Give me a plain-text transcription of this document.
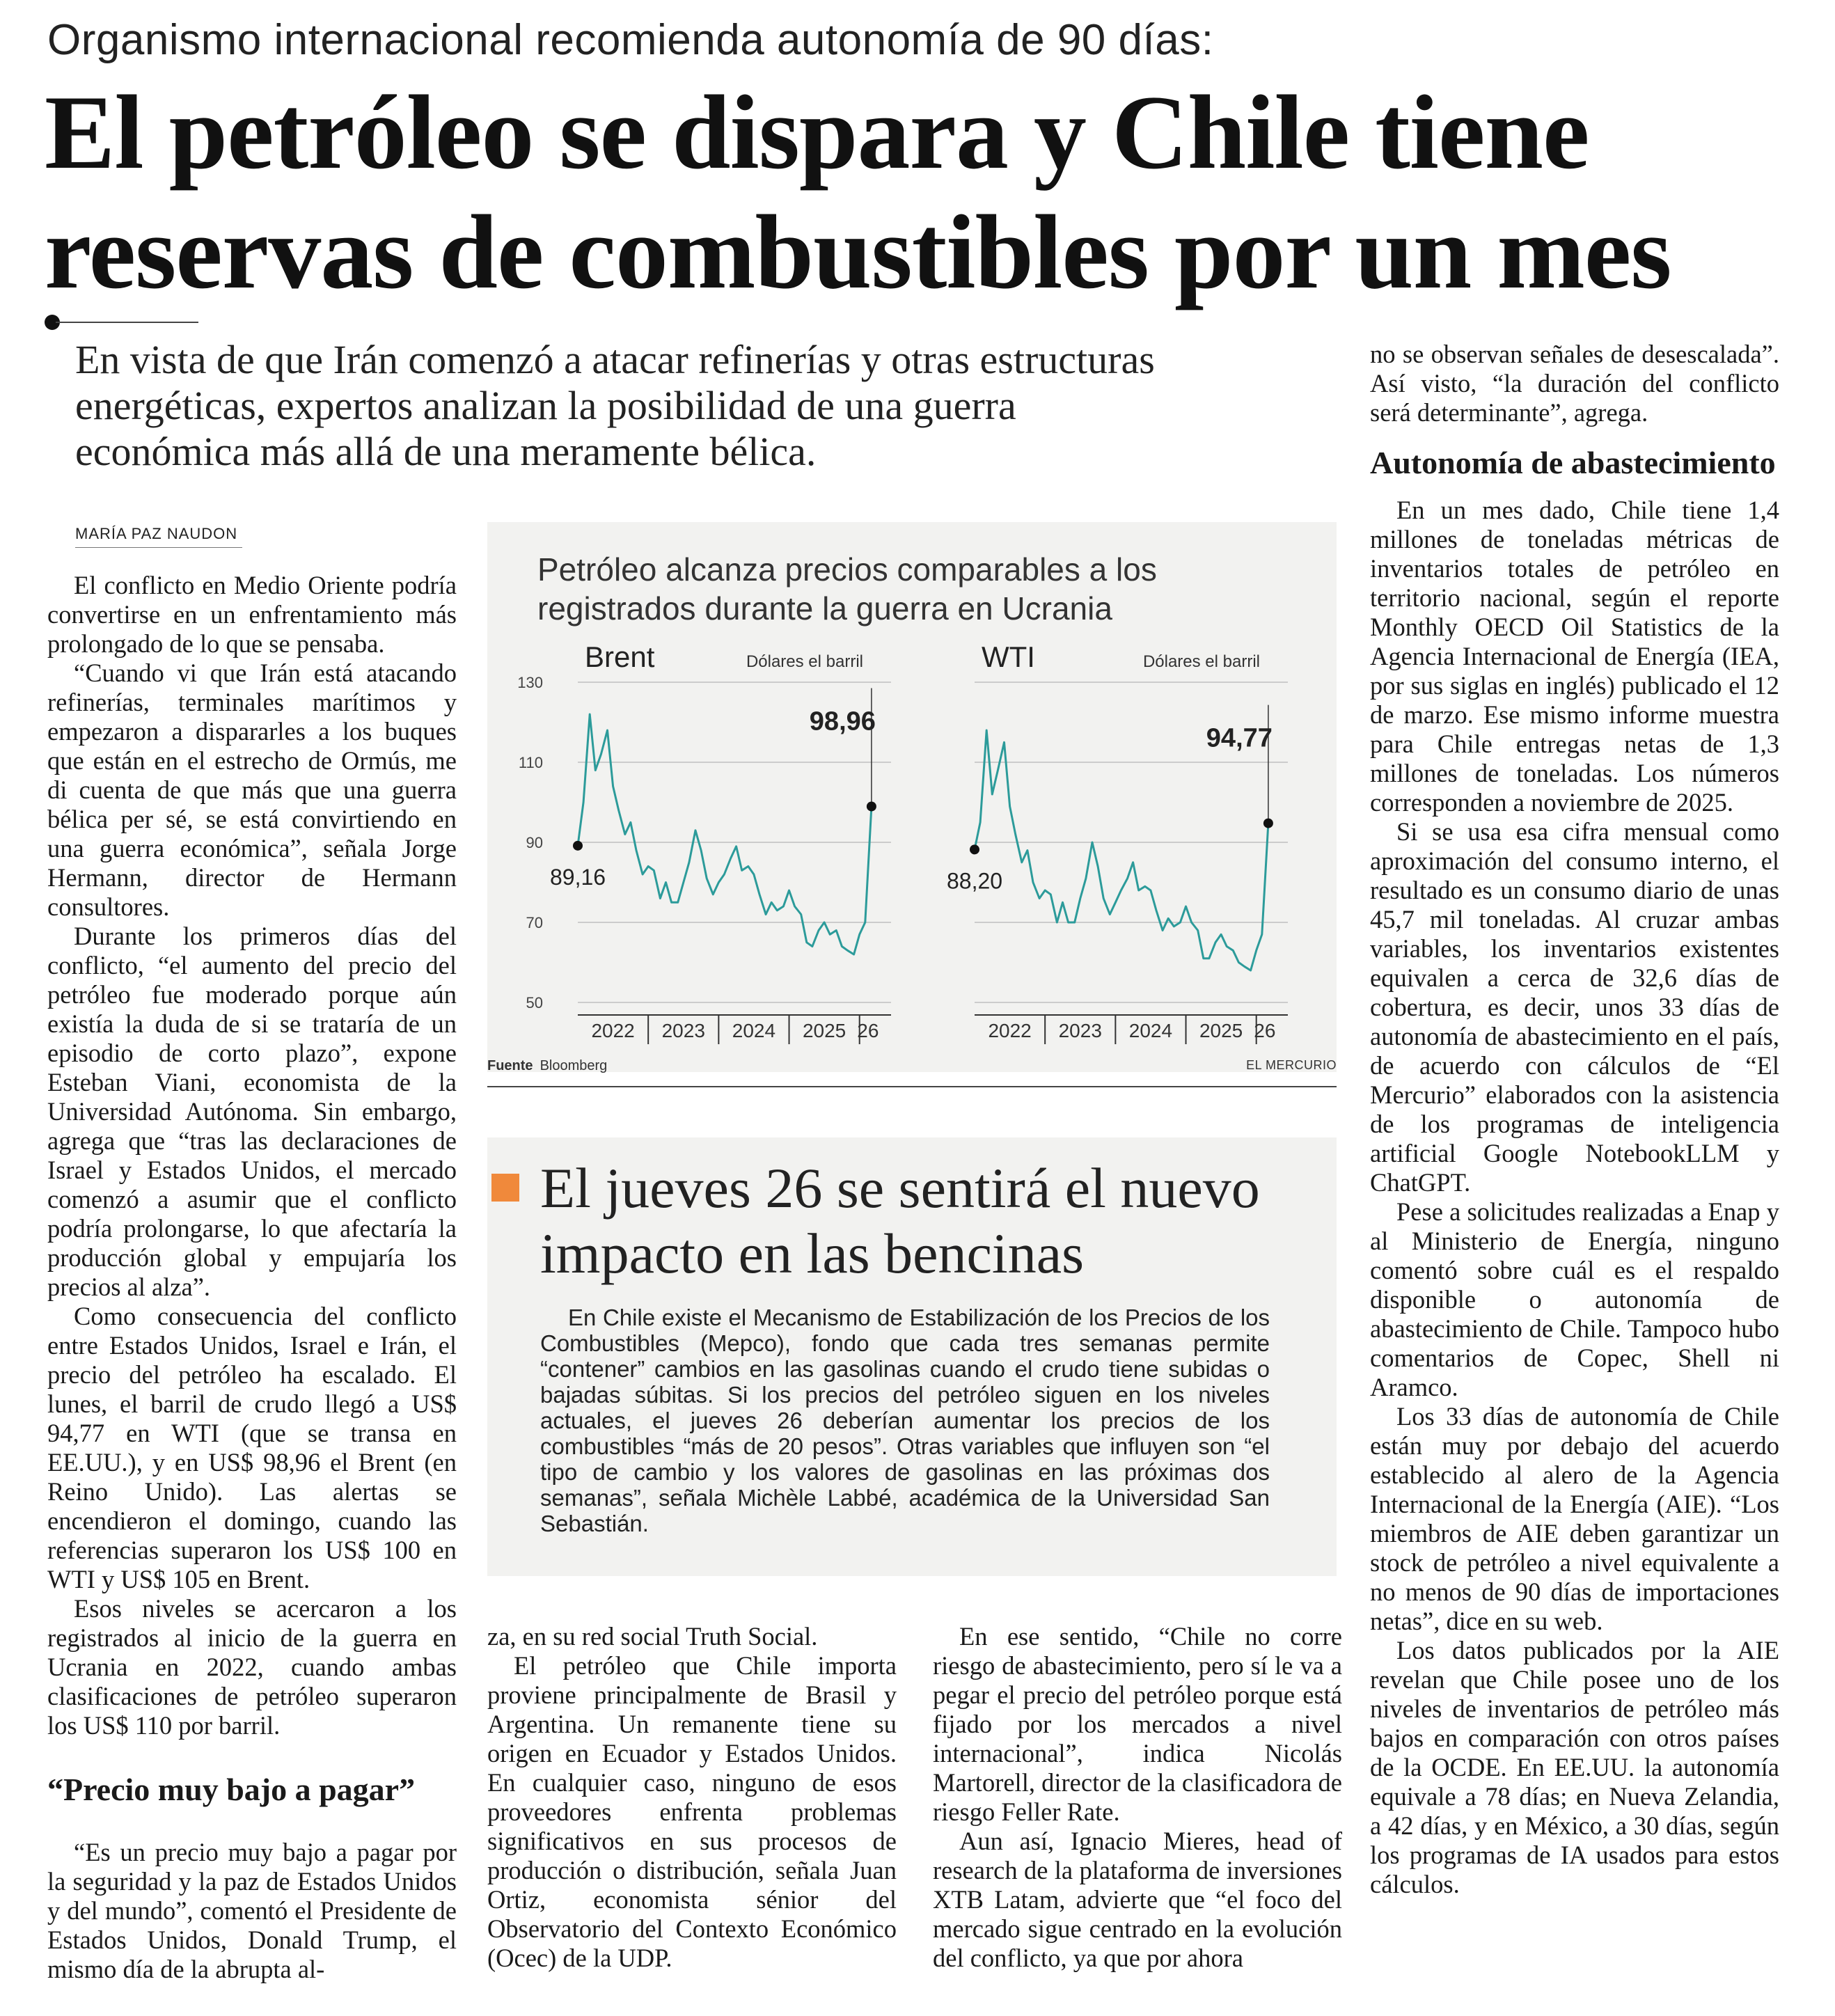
Organismo internacional recomienda autonomía de 90 días:
El petróleo se dispara y Chile tiene
reservas de combustibles por un mes

En vista de que Irán comenzó a atacar refinerías y otras estructuras
energéticas, expertos analizan la posibilidad de una guerra
económica más allá de una meramente bélica.

MARÍA PAZ NAUDON

El conflicto en Medio Oriente podría convertirse en un enfrentamiento más prolongado de lo que se pensaba.

“Cuando vi que Irán está atacando refinerías, terminales marítimos y empezaron a dispararles a los buques que están en el estrecho de Ormús, me di cuenta de que más que una guerra bélica per sé, se está convirtiendo en una guerra económica”, señala Jorge Hermann, director de Hermann consultores.

Durante los primeros días del conflicto, “el aumento del precio del petróleo fue moderado porque aún existía la duda de si se trataría de un episodio de corto plazo”, expone Esteban Viani, economista de la Universidad Autónoma. Sin embargo, agrega que “tras las declaraciones de Israel y Estados Unidos, el mercado comenzó a asumir que el conflicto podría prolongarse, lo que afectaría la producción global y empujaría los precios al alza”.

Como consecuencia del conflicto entre Estados Unidos, Israel e Irán, el precio del petróleo ha escalado. El lunes, el barril de crudo llegó a US$ 94,77 en WTI (que se transa en EE.UU.), y en US$ 98,96 el Brent (en Reino Unido). Las alertas se encendieron el domingo, cuando las referencias superaron los US$ 100 en WTI y US$ 105 en Brent.

Esos niveles se acercaron a los registrados al inicio de la guerra en Ucrania en 2022, cuando ambas clasificaciones de petróleo superaron los US$ 110 por barril.

“Precio muy bajo a pagar”

“Es un precio muy bajo a pagar por la seguridad y la paz de Estados Unidos y del mundo”, comentó el Presidente de Estados Unidos, Donald Trump, el mismo día de la abrupta al-

Petróleo alcanza precios comparables a los registrados durante la guerra en Ucrania
130
110
90
70
50
2022 2023 2024 2025 26
Brent	Dólares el barril
89,16
98,96
2022 2023 2024 2025 26
WTI	Dólares el barril
88,20
94,77
Fuente Bloomberg	EL MERCURIO
El jueves 26 se sentirá el nuevo impacto en las bencinas

En Chile existe el Mecanismo de Estabilización de los Precios de los Combustibles (Mepco), fondo que cada tres semanas permite “contener” cambios en las gasolinas cuando el crudo tiene subidas o bajadas súbitas. Si los precios del petróleo siguen en los niveles actuales, el jueves 26 deberían aumentar los precios de los combustibles “más de 20 pesos”. Otras variables que influyen son “el tipo de cambio y los valores de gasolinas en las próximas dos semanas”, señala Michèle Labbé, académica de la Universidad San Sebastián.

za, en su red social Truth Social.

El petróleo que Chile importa proviene principalmente de Brasil y Argentina. Un remanente tiene su origen en Ecuador y Estados Unidos. En cualquier caso, ninguno de esos proveedores enfrenta problemas significativos en sus procesos de producción o distribución, señala Juan Ortiz, economista sénior del Observatorio del Contexto Económico (Ocec) de la UDP.

En ese sentido, “Chile no corre riesgo de abastecimiento, pero sí le va a pegar el precio del petróleo porque está fijado por los mercados a nivel internacional”, indica Nicolás Martorell, director de la clasificadora de riesgo Feller Rate.

Aun así, Ignacio Mieres, head of research de la plataforma de inversiones XTB Latam, advierte que “el foco del mercado sigue centrado en la evolución del conflicto, ya que por ahora

no se observan señales de desescalada”. Así visto, “la duración del conflicto será determinante”, agrega.

Autonomía de abastecimiento

En un mes dado, Chile tiene 1,4 millones de toneladas métricas de inventarios totales de petróleo en territorio nacional, según el reporte Monthly OECD Oil Statistics de la Agencia Internacional de Energía (IEA, por sus siglas en inglés) publicado el 12 de marzo. Ese mismo informe muestra para Chile entregas netas de 1,3 millones de toneladas. Los números corresponden a noviembre de 2025.

Si se usa esa cifra mensual como aproximación del consumo interno, el resultado es un consumo diario de unas 45,7 mil toneladas. Al cruzar ambas variables, los inventarios existentes equivalen a cerca de 32,6 días de cobertura, es decir, unos 33 días de autonomía de abastecimiento en el país, de acuerdo con cálculos de “El Mercurio” elaborados con la asistencia de los programas de inteligencia artificial Google NotebookLLM y ChatGPT.

Pese a solicitudes realizadas a Enap y al Ministerio de Energía, ninguno comentó sobre cuál es el respaldo disponible o autonomía de abastecimiento de Chile. Tampoco hubo comentarios de Copec, Shell ni Aramco.

Los 33 días de autonomía de Chile están muy por debajo del acuerdo establecido al alero de la Agencia Internacional de la Energía (AIE). “Los miembros de AIE deben garantizar un stock de petróleo a nivel equivalente a no menos de 90 días de importaciones netas”, dice en su web.

Los datos publicados por la AIE revelan que Chile posee uno de los niveles de inventarios de petróleo más bajos en comparación con otros países de la OCDE. En EE.UU. la autonomía equivale a 78 días; en Nueva Zelandia, a 42 días, y en México, a 30 días, según los programas de IA usados para estos cálculos.
